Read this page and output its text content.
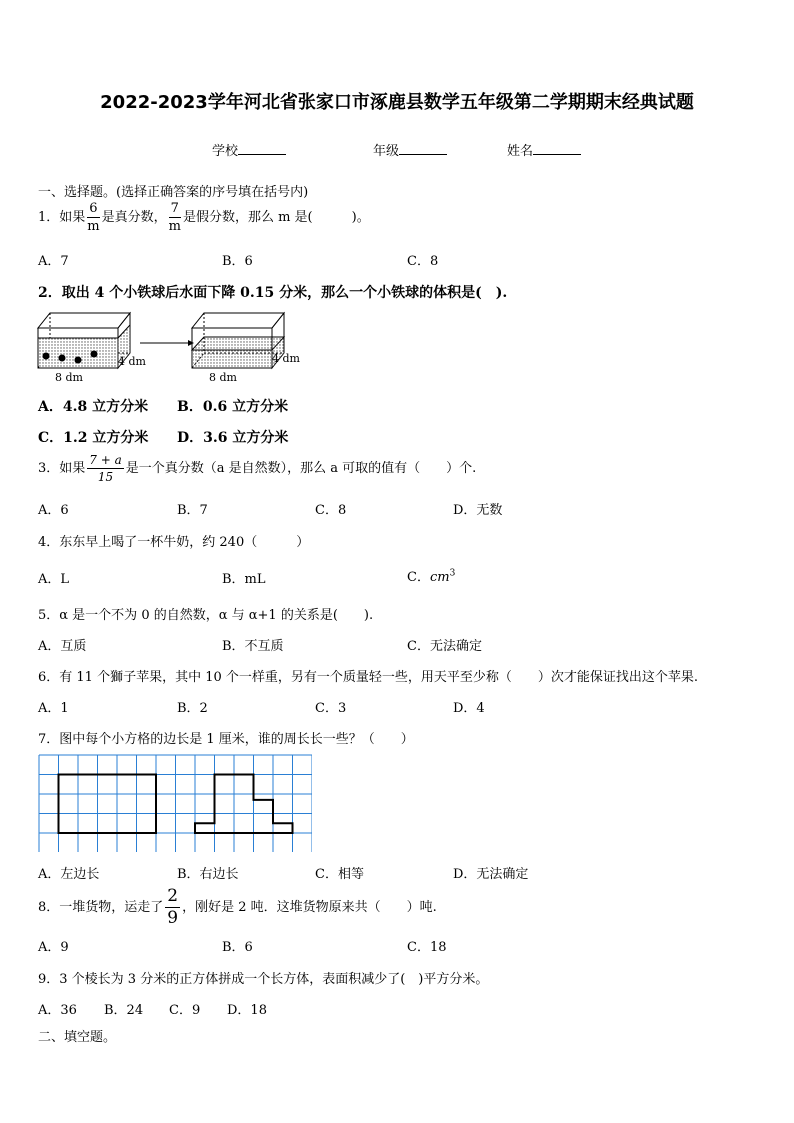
2022-2023学年河北省张家口市涿鹿县数学五年级第二学期期末经典试题
学校	年级	姓名
一、选择题。(选择正确答案的序号填在括号内)
1．如果 $\frac{6}{m}$ 是真分数， $\frac{7}{m}$ 是假分数，那么 m 是(　　　)。
A．7	B．6	C．8
2．取出 4 个小铁球后水面下降 0.15 分米，那么一个小铁球的体积是(　).
4 dm
8 dm
4 dm
8 dm
A．4.8 立方分米 B．0.6 立方分米
C．1.2 立方分米 D．3.6 立方分米
3．如果 $\frac{7 + a}{15}$ 是一个真分数（a 是自然数），那么 a 可取的值有（　　）个.
A．6	B．7	C．8	D．无数
4．东东早上喝了一杯牛奶，约 240（　　　）
A．L	B．mL	C．$cm^3$
5．α 是一个不为 0 的自然数，α 与 α+1 的关系是(　　).
A．互质	B．不互质	C．无法确定
6．有 11 个獅子苹果，其中 10 个一样重，另有一个质量轻一些，用天平至少称（　　）次才能保证找出这个苹果.
A．1	B．2	C．3	D．4
7．图中每个小方格的边长是 1 厘米，谁的周长长一些？（　　）
A．左边长	B．右边长	C．相等	D．无法确定
8．一堆货物，运走了 $\frac{2}{9}$ ，刚好是 2 吨．这堆货物原来共（　　）吨.
A．9	B．6	C．18
9．3 个棱长为 3 分米的正方体拼成一个长方体，表面积减少了(　)平方分米。
A．36 B．24 C．9 D．18
二、填空题。
